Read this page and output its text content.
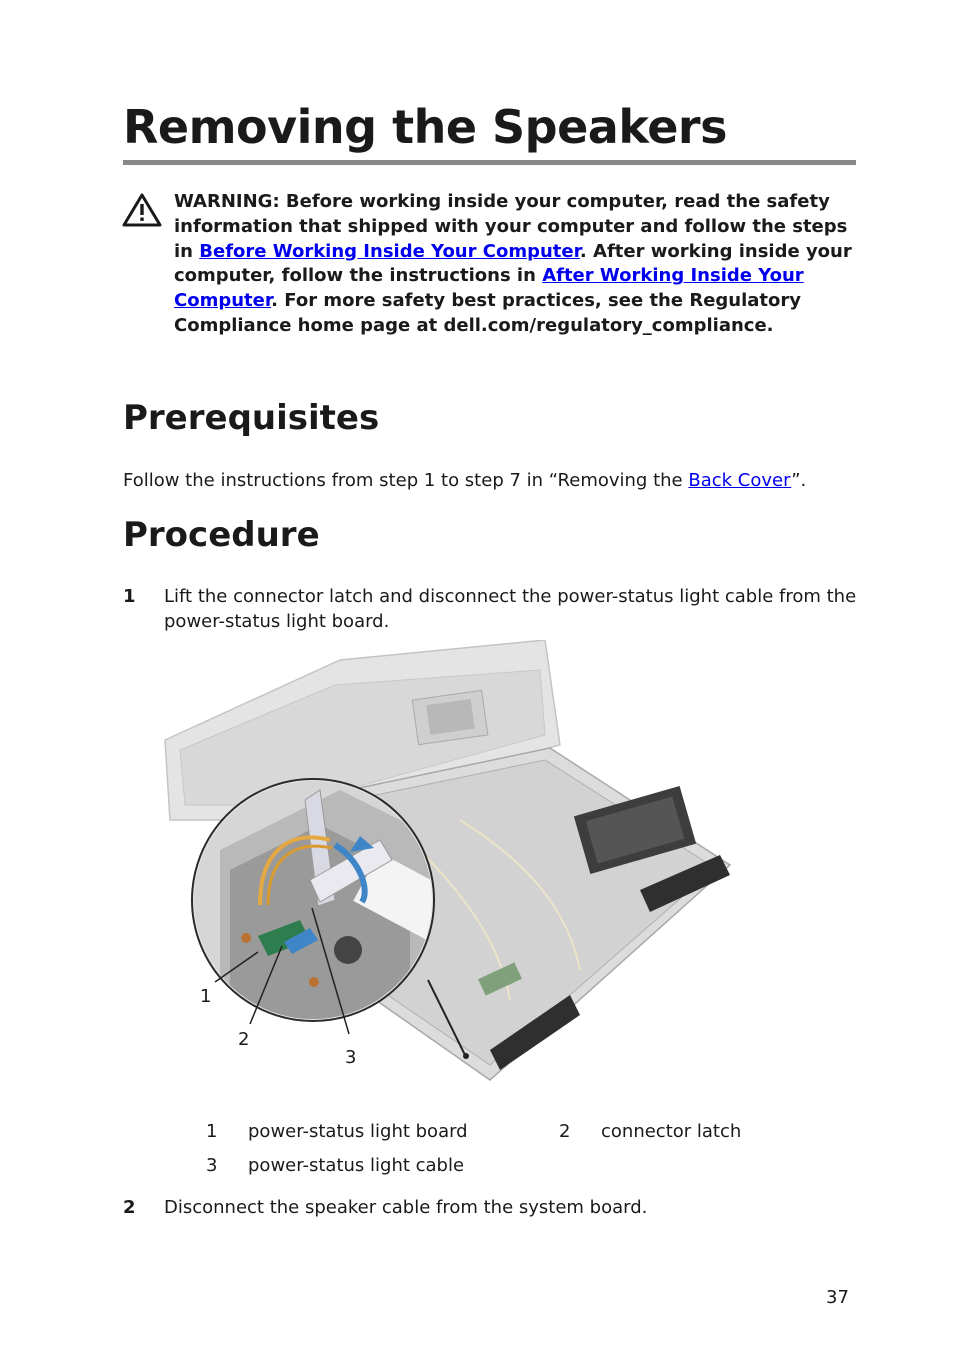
Removing the Speakers
WARNING: Before working inside your computer, read the safety information that shipped with your computer and follow the steps in Before Working Inside Your Computer. After working inside your computer, follow the instructions in After Working Inside Your Computer. For more safety best practices, see the Regulatory Compliance home page at dell.com/regulatory_compliance.
Prerequisites
Follow the instructions from step 1 to step 7 in “Removing the Back Cover”.
Procedure
1 Lift the connector latch and disconnect the power-status light cable from the power-status light board.
1
2
3
1 power-status light board	2 connector latch
3 power-status light cable
2 Disconnect the speaker cable from the system board.
37
